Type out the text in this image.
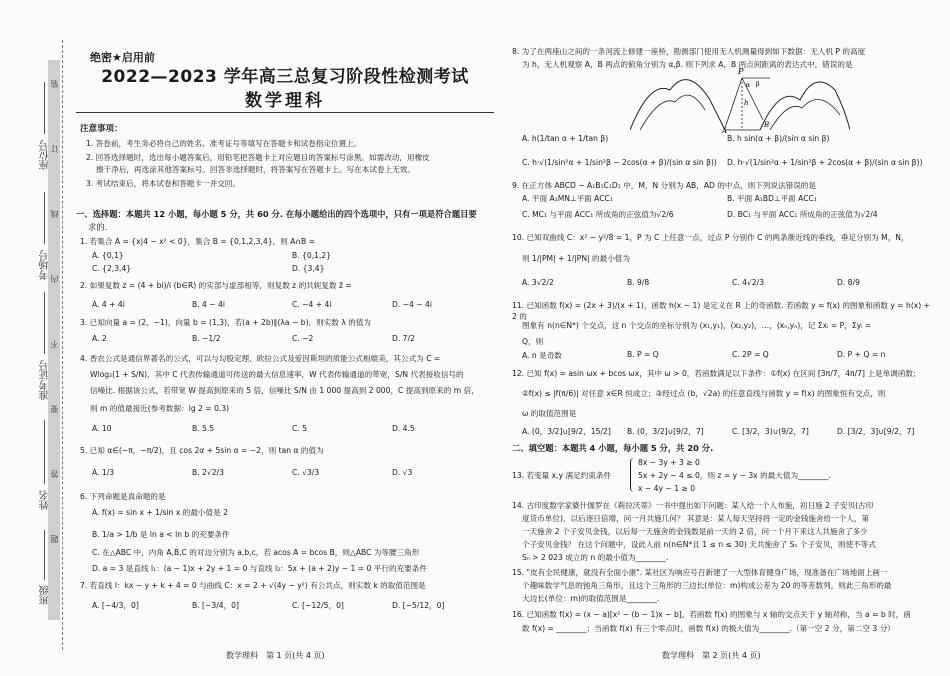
装
订
线
内
不
要
答
题
座位号
考场号
准考证号
姓名
班级
绝密★启用前
2022—2023 学年高三总复习阶段性检测考试
数学理科
注意事项：
1. 答卷前，考生务必将自己的姓名、准考证号等填写在答题卡和试卷指定位置上。
2. 回答选择题时，选出每小题答案后，用铅笔把答题卡上对应题目的答案标号涂黑。如需改动，用橡皮
擦干净后，再选涂其他答案标号。回答非选择题时，将答案写在答题卡上。写在本试卷上无效。
3. 考试结束后，将本试卷和答题卡一并交回。
一、选择题：本题共 12 小题，每小题 5 分，共 60 分. 在每小题给出的四个选项中，只有一项是符合题目要
求的.
1. 若集合 A = {x|4 − x² < 0}，集合 B = {0,1,2,3,4}，则 A∩B =
A. {0,1}	B. {0,1,2}
C. {2,3,4}	D. {3,4}
2. 如果复数 z = (4 + bi)/i (b∈R) 的实部与虚部相等，则复数 z 的共轭复数 z̄ =
A. 4 + 4i	B. 4 − 4i	C. −4 + 4i	D. −4 − 4i
3. 已知向量 a = (2，−1)，向量 b = (1,3)，若(a + 2b)∥(λa − b)，则实数 λ 的值为
A. 2	B. −1/2	C. −2	D. 7/2
4. 香农公式是通信界著名的公式，可以与勾股定理、欧拉公式及爱因斯坦的质能公式相媲美，其公式为 C =
Wlog₂(1 + S/N)，其中 C 代表传输通道可传送的最大信息速率，W 代表传输通道的带宽，S/N 代表接收信号的
信噪比. 根据该公式，若带宽 W 提高到原来的 5 倍，信噪比 S/N 由 1 000 提高到 2 000，C 提高到原来的 m 倍，
则 m 的值最接近(参考数据：lg 2 = 0.3)
A. 10	B. 5.5	C. 5	D. 4.5
5. 已知 α∈(−π，−π/2)，且 cos 2α + 5sin α = −2，则 tan α 的值为
A. 1/3	B. 2√2/3	C. √3/3	D. √3
6. 下列命题是真命题的是
A. f(x) = sin x + 1/sin x 的最小值是 2
B. 1/a > 1/b 是 ln a < ln b 的充要条件
C. 在△ABC 中，内角 A,B,C 的对边分别为 a,b,c，若 acos A = bcos B，则△ABC 为等腰三角形
D. a = 3 是直线 l₁：(a − 1)x + 2y + 1 = 0 与直线 l₂：5x + (a + 2)y − 1 = 0 平行的充要条件
7. 若直线 l：kx − y + k + 4 = 0 与曲线 C：x = 2 + √(4y − y²) 有公共点，则实数 k 的取值范围是
A. [−4/3，0]	B. [−3/4，0]	C. [−12/5，0]	D. [−5/12，0]
数学理科　第 1 页(共 4 页)
8. 为了在两座山之间的一条河流上修建一座桥，勘测部门使用无人机测量得到如下数据：无人机 P 的高度
为 h，无人机观察 A，B 两点的俯角分别为 α,β. 则下列求 A，B 两点间距离的表达式中，错误的是
P
A
B
h
α β
A. h(1/tan α + 1/tan β)	B. h sin(α + β)/(sin α sin β)
C. h·√(1/sin²α + 1/sin²β − 2cos(α + β)/(sin α sin β))	D. h·√(1/sin²α + 1/sin²β + 2cos(α + β)/(sin α sin β))
9. 在正方体 ABCD − A₁B₁C₁D₁ 中，M，N 分别为 AB，AD 的中点，则下列说法错误的是
A. 平面 A₁MN⊥平面 ACC₁	B. 平面 A₁BD⊥平面 ACC₁
C. MC₁ 与平面 ACC₁ 所成角的正弦值为√2/6	D. BC₁ 与平面 ACC₁ 所成角的正弦值为√2/4
10. 已知双曲线 C：x² − y²/8 = 1，P 为 C 上任意一点，过点 P 分别作 C 的两条渐近线的垂线，垂足分别为 M，N，
则 1/|PM| + 1/|PN| 的最小值为
A. 3√2/2	B. 9/8	C. 4√2/3	D. 8/9
11. 已知函数 f(x) = (2x + 3)/(x + 1)，函数 h(x − 1) 是定义在 R 上的奇函数. 若函数 y = f(x) 的图象和函数 y = h(x) + 2 的
图象有 n(n∈N*) 个交点，这 n 个交点的坐标分别为 (x₁,y₁)，(x₂,y₂)，…，(xₙ,yₙ)，记 Σxᵢ = P，Σyᵢ =
Q，则
A. n 是奇数	B. P = Q	C. 2P = Q	D. P + Q = n
12. 已知 f(x) = asin ωx + bcos ωx，其中 ω > 0，若函数满足以下条件：①f(x) 在区间 [3π/7，4π/7] 上是单调函数；
②f(x) ≤ |f(π/6)| 对任意 x∈R 恒成立；③经过点 (b，√2a) 的任意直线与函数 y = f(x) 的图象恒有交点，则
ω 的取值范围是
A. (0，3/2]∪[9/2，15/2]	B. (0，3/2]∪[9/2，7]	C. [3/2，3)∪(9/2，7]	D. [3/2，3]∪[9/2，7]
二、填空题：本题共 4 小题，每小题 5 分，共 20 分.
13. 若变量 x,y 满足约束条件
8x − 3y + 3 ≥ 0
5x + 2y − 4 ≤ 0，则 z = y − 3x 的最大值为________.
x − 4y − 1 ≥ 0
14. 古印度数学家婆什伽罗在《莉拉沃蒂》一书中提出如下问题：某人给一个人布施，初日施 2 子安贝(古印
度货币单位)，以后逐日倍增，问一月共施几何？ 其意是：某人每天坚持将一定的金钱施舍给一个人，第
一天施舍 2 个子安贝金钱，以后每一天施舍的金钱数是前一天的 2 倍，问一个月下来这人共施舍了多少
个子安贝金钱？ 在这个问题中，设此人前 n(n∈N*且 1 ≤ n ≤ 30) 天共施舍了 Sₙ 个子安贝，则使不等式
Sₙ > 2 023 成立的 n 的最小值为________.
15. "皮有全民健康，就没有全面小康". 某社区为响应号召新建了一大型体育健身广场，现准备在广场地面上画一
个趣味数学气息的钝角三角形，且这个三角形的三边长(单位：m)构成公差为 20 的等差数列，则此三角形的最
大边长(单位：m)的取值范围是________.
16. 已知函数 f(x) = (x − a)[x² − (b − 1)x − b]，若函数 f(x) 的图象与 x 轴的交点关于 y 轴对称，当 a = b 时，函
数 f(x) = ________；当函数 f(x) 有三个零点时，函数 f(x) 的极大值为________.（第一空 2 分，第二空 3 分）
数学理科　第 2 页(共 4 页)
